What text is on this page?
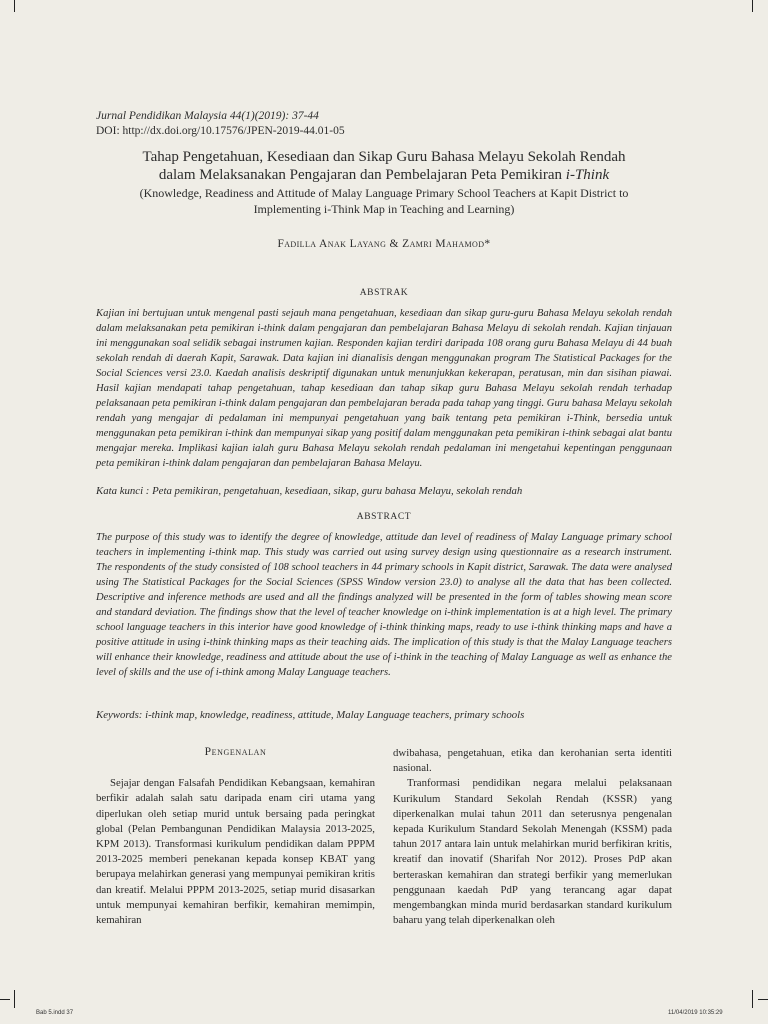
Jurnal Pendidikan Malaysia 44(1)(2019): 37-44
DOI: http://dx.doi.org/10.17576/JPEN-2019-44.01-05
Tahap Pengetahuan, Kesediaan dan Sikap Guru Bahasa Melayu Sekolah Rendah
dalam Melaksanakan Pengajaran dan Pembelajaran Peta Pemikiran i-Think
(Knowledge, Readiness and Attitude of Malay Language Primary School Teachers at Kapit District to
Implementing i-Think Map in Teaching and Learning)
Fadilla Anak Layang & Zamri Mahamod*
ABSTRAK

Kajian ini bertujuan untuk mengenal pasti sejauh mana pengetahuan, kesediaan dan sikap guru-guru Bahasa Melayu sekolah rendah dalam melaksanakan peta pemikiran i-think dalam pengajaran dan pembelajaran Bahasa Melayu di sekolah rendah. Kajian tinjauan ini menggunakan soal selidik sebagai instrumen kajian. Responden kajian terdiri daripada 108 orang guru Bahasa Melayu di 44 buah sekolah rendah di daerah Kapit, Sarawak. Data kajian ini dianalisis dengan menggunakan program The Statistical Packages for the Social Sciences versi 23.0. Kaedah analisis deskriptif digunakan untuk menunjukkan kekerapan, peratusan, min dan sisihan piawai. Hasil kajian mendapati tahap pengetahuan, tahap kesediaan dan tahap sikap guru Bahasa Melayu sekolah rendah terhadap pelaksanaan peta pemikiran i-think dalam pengajaran dan pembelajaran berada pada tahap yang tinggi. Guru bahasa Melayu sekolah rendah yang mengajar di pedalaman ini mempunyai pengetahuan yang baik tentang peta pemikiran i-Think, bersedia untuk menggunakan peta pemikiran i-think dan mempunyai sikap yang positif dalam menggunakan peta pemikiran i-think sebagai alat bantu mengajar mereka. Implikasi kajian ialah guru Bahasa Melayu sekolah rendah pedalaman ini mengetahui kepentingan penggunaan peta pemikiran i-think dalam pengajaran dan pembelajaran Bahasa Melayu.

Kata kunci : Peta pemikiran, pengetahuan, kesediaan, sikap, guru bahasa Melayu, sekolah rendah

ABSTRACT

The purpose of this study was to identify the degree of knowledge, attitude dan level of readiness of Malay Language primary school teachers in implementing i-think map. This study was carried out using survey design using questionnaire as a research instrument. The respondents of the study consisted of 108 school teachers in 44 primary schools in Kapit district, Sarawak. The data were analysed using The Statistical Packages for the Social Sciences (SPSS Window version 23.0) to analyse all the data that has been collected. Descriptive and inference methods are used and all the findings analyzed will be presented in the form of tables showing mean score and standard deviation. The findings show that the level of teacher knowledge on i-think implementation is at a high level. The primary school language teachers in this interior have good knowledge of i-think thinking maps, ready to use i-think thinking maps and have a positive attitude in using i-think thinking maps as their teaching aids. The implication of this study is that the Malay Language teachers will enhance their knowledge, readiness and attitude about the use of i-think in the teaching of Malay Language as well as enhance the level of skills and the use of i-think among Malay Language teachers.

Keywords: i-think map, knowledge, readiness, attitude, Malay Language teachers, primary schools

Pengenalan

Sejajar dengan Falsafah Pendidikan Kebangsaan, kemahiran berfikir adalah salah satu daripada enam ciri utama yang diperlukan oleh setiap murid untuk bersaing pada peringkat global (Pelan Pembangunan Pendidikan Malaysia 2013-2025, KPM 2013). Transformasi kurikulum pendidikan dalam PPPM 2013-2025 memberi penekanan kepada konsep KBAT yang berupaya melahirkan generasi yang mempunyai pemikiran kritis dan kreatif. Melalui PPPM 2013-2025, setiap murid disasarkan untuk mempunyai kemahiran berfikir, kemahiran memimpin, kemahiran

dwibahasa, pengetahuan, etika dan kerohanian serta identiti nasional.

Tranformasi pendidikan negara melalui pelaksanaan Kurikulum Standard Sekolah Rendah (KSSR) yang diperkenalkan mulai tahun 2011 dan seterusnya pengenalan kepada Kurikulum Standard Sekolah Menengah (KSSM) pada tahun 2017 antara lain untuk melahirkan murid berfikiran kritis, kreatif dan inovatif (Sharifah Nor 2012). Proses PdP akan berteraskan kemahiran dan strategi berfikir yang memerlukan penggunaan kaedah PdP yang terancang agar dapat mengembangkan minda murid berdasarkan standard kurikulum baharu yang telah diperkenalkan oleh

Bab 5.indd 37	11/04/2019 10:35:29
